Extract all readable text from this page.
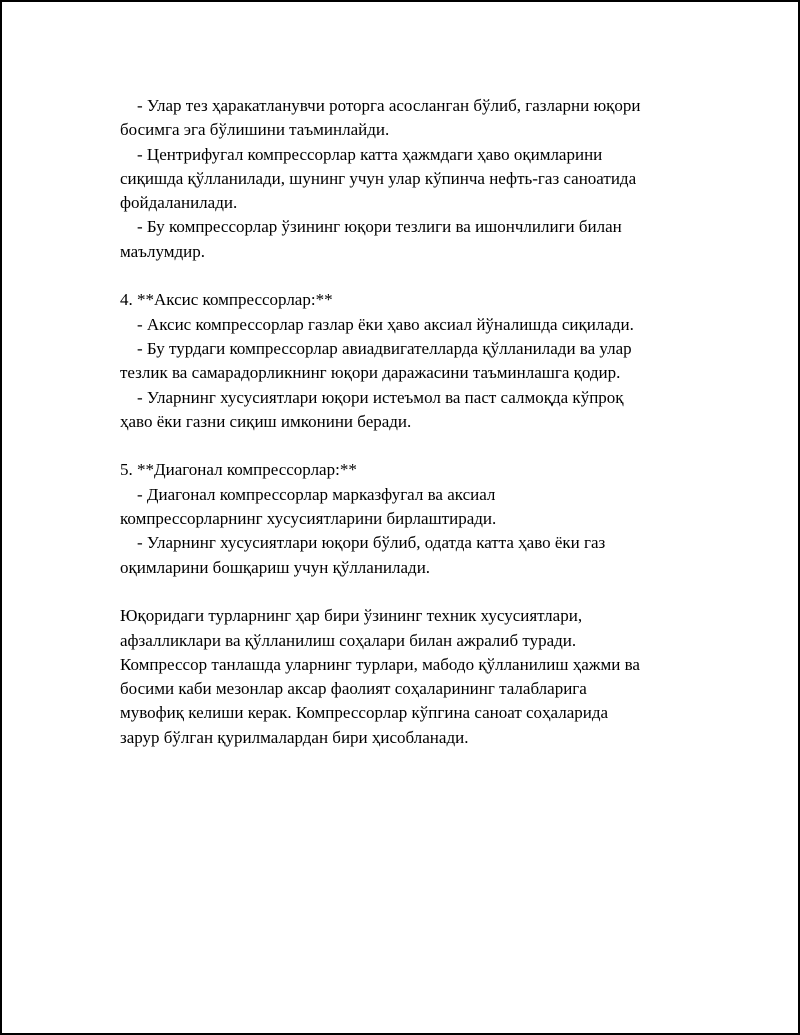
- Улар тез ҳаракатланувчи роторга асосланган бўлиб, газларни юқори
босимга эга бўлишини таъминлайди.
- Центрифугал компрессорлар катта ҳажмдаги ҳаво оқимларини
сиқишда қўлланилади, шунинг учун улар кўпинча нефть-газ саноатида
фойдаланилади.
- Бу компрессорлар ўзининг юқори тезлиги ва ишончлилиги билан
маълумдир.
4. **Аксис компрессорлар:**
- Аксис компрессорлар газлар ёки ҳаво аксиал йўналишда сиқилади.
- Бу турдаги компрессорлар авиадвигателларда қўлланилади ва улар
тезлик ва самарадорликнинг юқори даражасини таъминлашга қодир.
- Уларнинг хусусиятлари юқори истеъмол ва паст салмоқда кўпроқ
ҳаво ёки газни сиқиш имконини беради.
5. **Диагонал компрессорлар:**
- Диагонал компрессорлар марказфугал ва аксиал
компрессорларнинг хусусиятларини бирлаштиради.
- Уларнинг хусусиятлари юқори бўлиб, одатда катта ҳаво ёки газ
оқимларини бошқариш учун қўлланилади.
Юқоридаги турларнинг ҳар бири ўзининг техник хусусиятлари,
афзалликлари ва қўлланилиш соҳалари билан ажралиб туради.
Компрессор танлашда уларнинг турлари, мабодо қўлланилиш ҳажми ва
босими каби мезонлар аксар фаолият соҳаларининг талабларига
мувофиқ келиши керак. Компрессорлар кўпгина саноат соҳаларида
зарур бўлган қурилмалардан бири ҳисобланади.
